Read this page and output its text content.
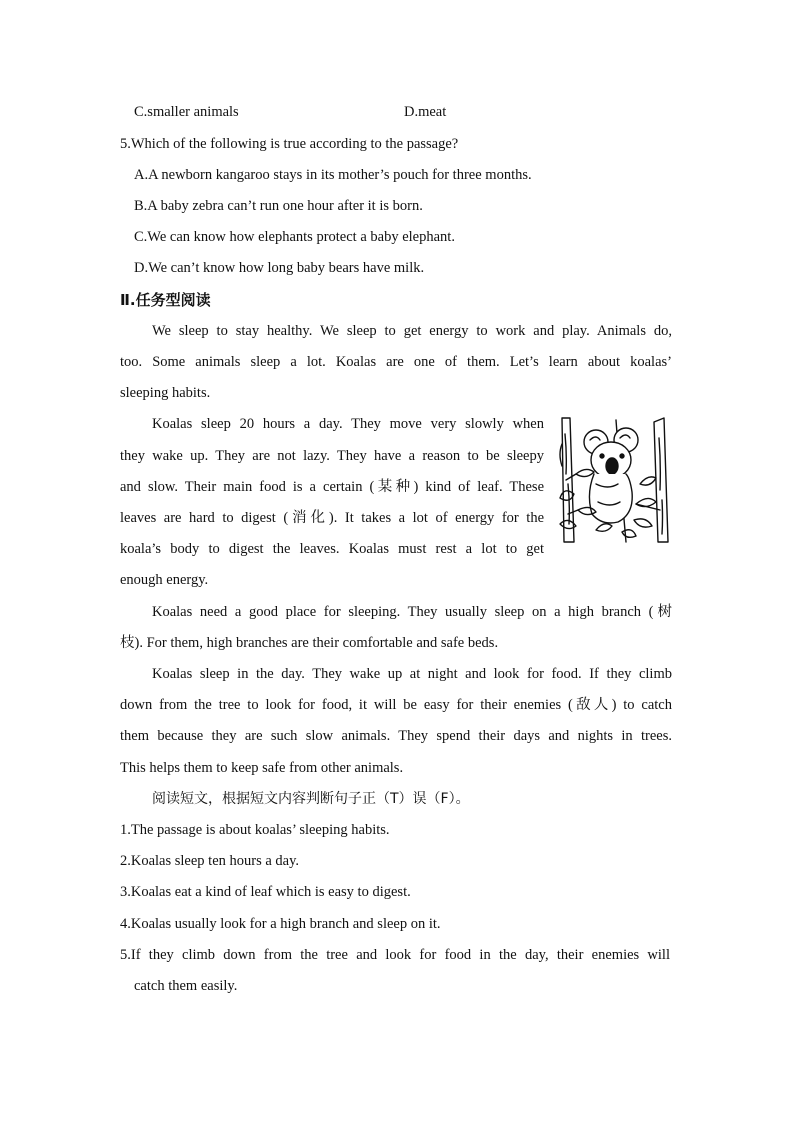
C.smaller animals	D.meat
5.Which of the following is true according to the passage?
A.A newborn kangaroo stays in its mother’s pouch for three months.
B.A baby zebra can’t run one hour after it is born.
C.We can know how elephants protect a baby elephant.
D.We can’t know how long baby bears have milk.
Ⅱ.任务型阅读
We sleep to stay healthy. We sleep to get energy to work and play. Animals do,
too. Some animals sleep a lot. Koalas are one of them. Let’s learn about koalas’
sleeping habits.
Koalas sleep 20 hours a day. They move very slowly when
they wake up. They are not lazy. They have a reason to be sleepy
and slow. Their main food is a certain (某种) kind of leaf. These
leaves are hard to digest (消化). It takes a lot of energy for the
koala’s body to digest the leaves. Koalas must rest a lot to get
enough energy.
Koalas need a good place for sleeping. They usually sleep on a high branch (树
枝). For them, high branches are their comfortable and safe beds.
Koalas sleep in the day. They wake up at night and look for food. If they climb
down from the tree to look for food, it will be easy for their enemies (敌人) to catch
them because they are such slow animals. They spend their days and nights in trees.
This helps them to keep safe from other animals.
阅读短文，根据短文内容判断句子正（T）误（F）。
1.The passage is about koalas’ sleeping habits.
2.Koalas sleep ten hours a day.
3.Koalas eat a kind of leaf which is easy to digest.
4.Koalas usually look for a high branch and sleep on it.
5.If they climb down from the tree and look for food in the day, their enemies will
catch them easily.
